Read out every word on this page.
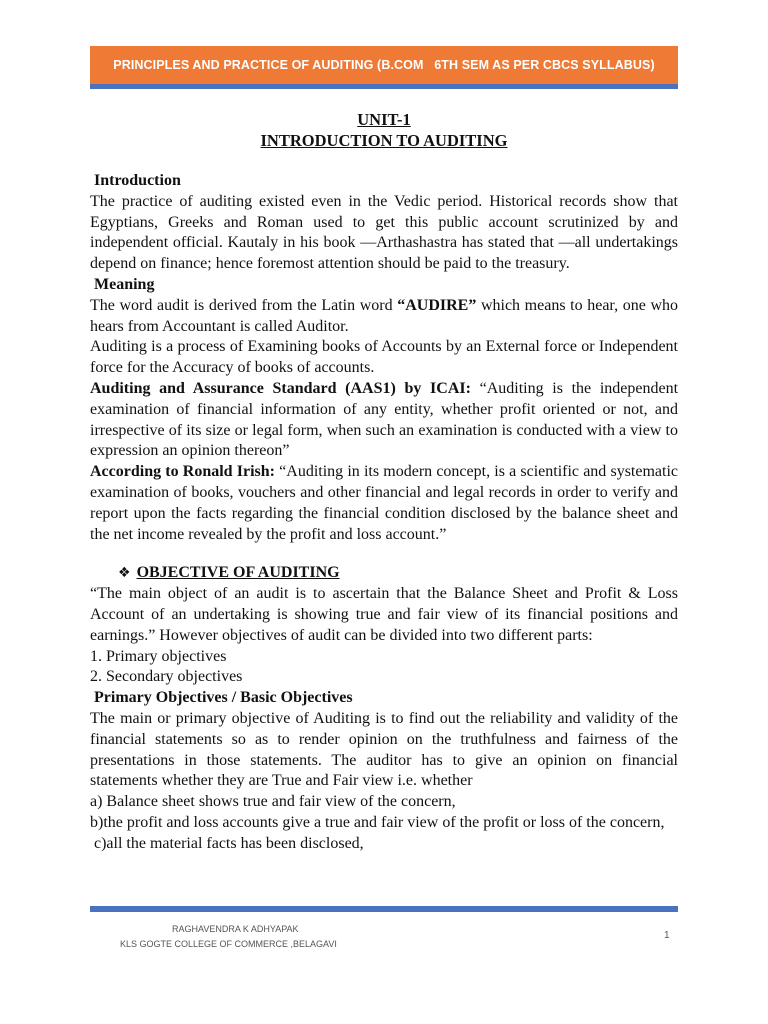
PRINCIPLES AND PRACTICE OF AUDITING (B.COM   6TH SEM AS PER CBCS SYLLABUS)

UNIT-1

INTRODUCTION TO AUDITING

Introduction

The practice of auditing existed even in the Vedic period. Historical records show that Egyptians, Greeks and Roman used to get this public account scrutinized by and independent official. Kautaly in his book —Arthashastra has stated that —all undertakings depend on finance; hence foremost attention should be paid to the treasury.

Meaning

The word audit is derived from the Latin word “AUDIRE” which means to hear, one who hears from Accountant is called Auditor.

Auditing is a process of Examining books of Accounts by an External force or Independent force for the Accuracy of books of accounts.

Auditing and Assurance Standard (AAS1) by ICAI: “Auditing is the independent examination of financial information of any entity, whether profit oriented or not, and irrespective of its size or legal form, when such an examination is conducted with a view to expression an opinion thereon”

According to Ronald Irish: “Auditing in its modern concept, is a scientific and systematic examination of books, vouchers and other financial and legal records in order to verify and report upon the facts regarding the financial condition disclosed by the balance sheet and the net income revealed by the profit and loss account.”

❖ OBJECTIVE OF AUDITING

“The main object of an audit is to ascertain that the Balance Sheet and Profit & Loss Account of an undertaking is showing true and fair view of its financial positions and earnings.” However objectives of audit can be divided into two different parts:

1. Primary objectives

2. Secondary objectives

Primary Objectives / Basic Objectives

The main or primary objective of Auditing is to find out the reliability and validity of the financial statements so as to render opinion on the truthfulness and fairness of the presentations in those statements. The auditor has to give an opinion on financial statements whether they are True and Fair view i.e. whether

a) Balance sheet shows true and fair view of the concern,

b)the profit and loss accounts give a true and fair view of the profit or loss of the concern,

c)all the material facts has been disclosed,

RAGHAVENDRA K ADHYAPAK
KLS GOGTE COLLEGE OF COMMERCE ,BELAGAVI
1
